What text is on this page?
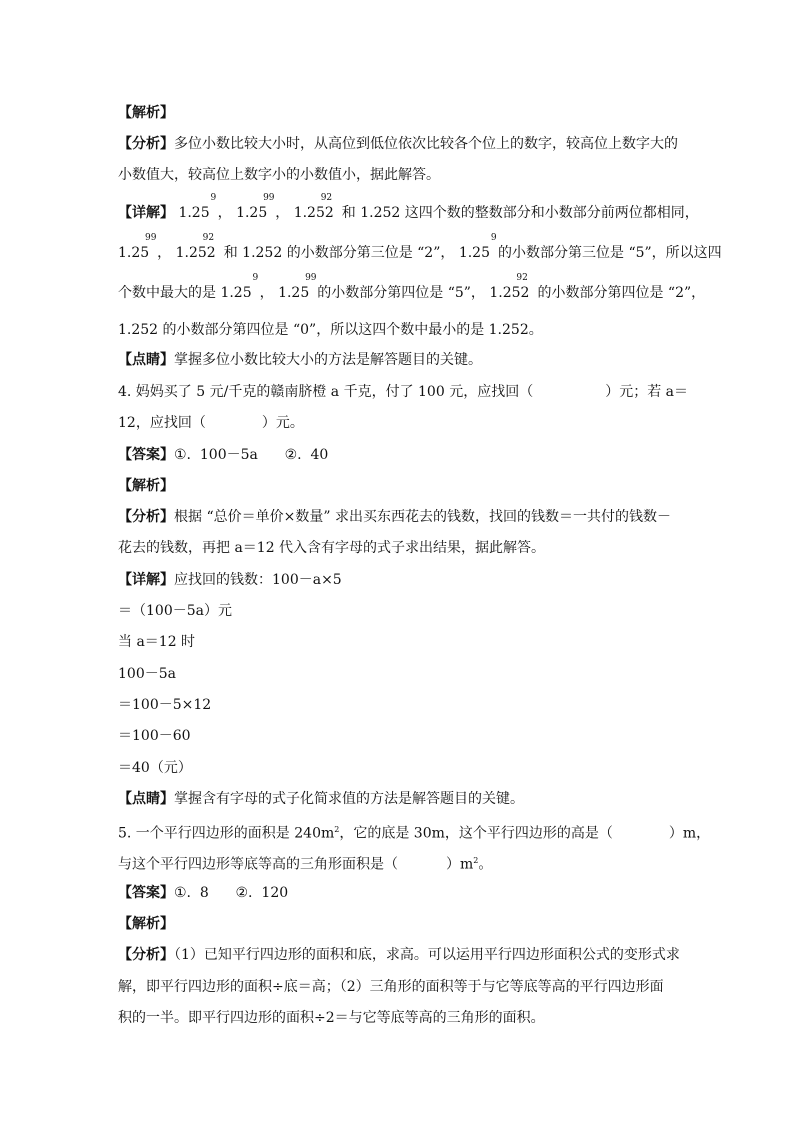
【解析】
【分析】多位小数比较大小时，从高位到低位依次比较各个位上的数字，较高位上数字大的
小数值大，较高位上数字小的小数值小，据此解答。
【详解】 1.25
9
， 1.25
99
， 1.252
92
和 1.252 这四个数的整数部分和小数部分前两位都相同，
1.25
99
， 1.252
92
和 1.252 的小数部分第三位是 “2”， 1.25
9
的小数部分第三位是 “5”，所以这四
个数中最大的是 1.25
9
， 1.25
99
的小数部分第四位是 “5”， 1.252
92
的小数部分第四位是 “2”，
1.252 的小数部分第四位是 “0”，所以这四个数中最小的是 1.252。
【点睛】掌握多位小数比较大小的方法是解答题目的关键。
4. 妈妈买了 5 元/千克的赣南脐橙 a 千克，付了 100 元，应找回（	）元；若 a＝
12，应找回（	）元。
【答案】①.  100－5a      ②.  40
【解析】
【分析】根据 “总价＝单价×数量” 求出买东西花去的钱数，找回的钱数＝一共付的钱数－
花去的钱数，再把 a＝12 代入含有字母的式子求出结果，据此解答。
【详解】应找回的钱数：100－a×5
＝（100－5a）元
当 a＝12 时
100－5a
＝100－5×12
＝100－60
＝40（元）
【点睛】掌握含有字母的式子化简求值的方法是解答题目的关键。
5. 一个平行四边形的面积是 $240m^2$，它的底是 30m，这个平行四边形的高是（	）m，
与这个平行四边形等底等高的三角形面积是（	）$m^2$。
【答案】①.  8      ②.  120
【解析】
【分析】（1）已知平行四边形的面积和底，求高。可以运用平行四边形面积公式的变形式求
解，即平行四边形的面积÷底＝高；（2）三角形的面积等于与它等底等高的平行四边形面
积的一半。即平行四边形的面积÷2＝与它等底等高的三角形的面积。
